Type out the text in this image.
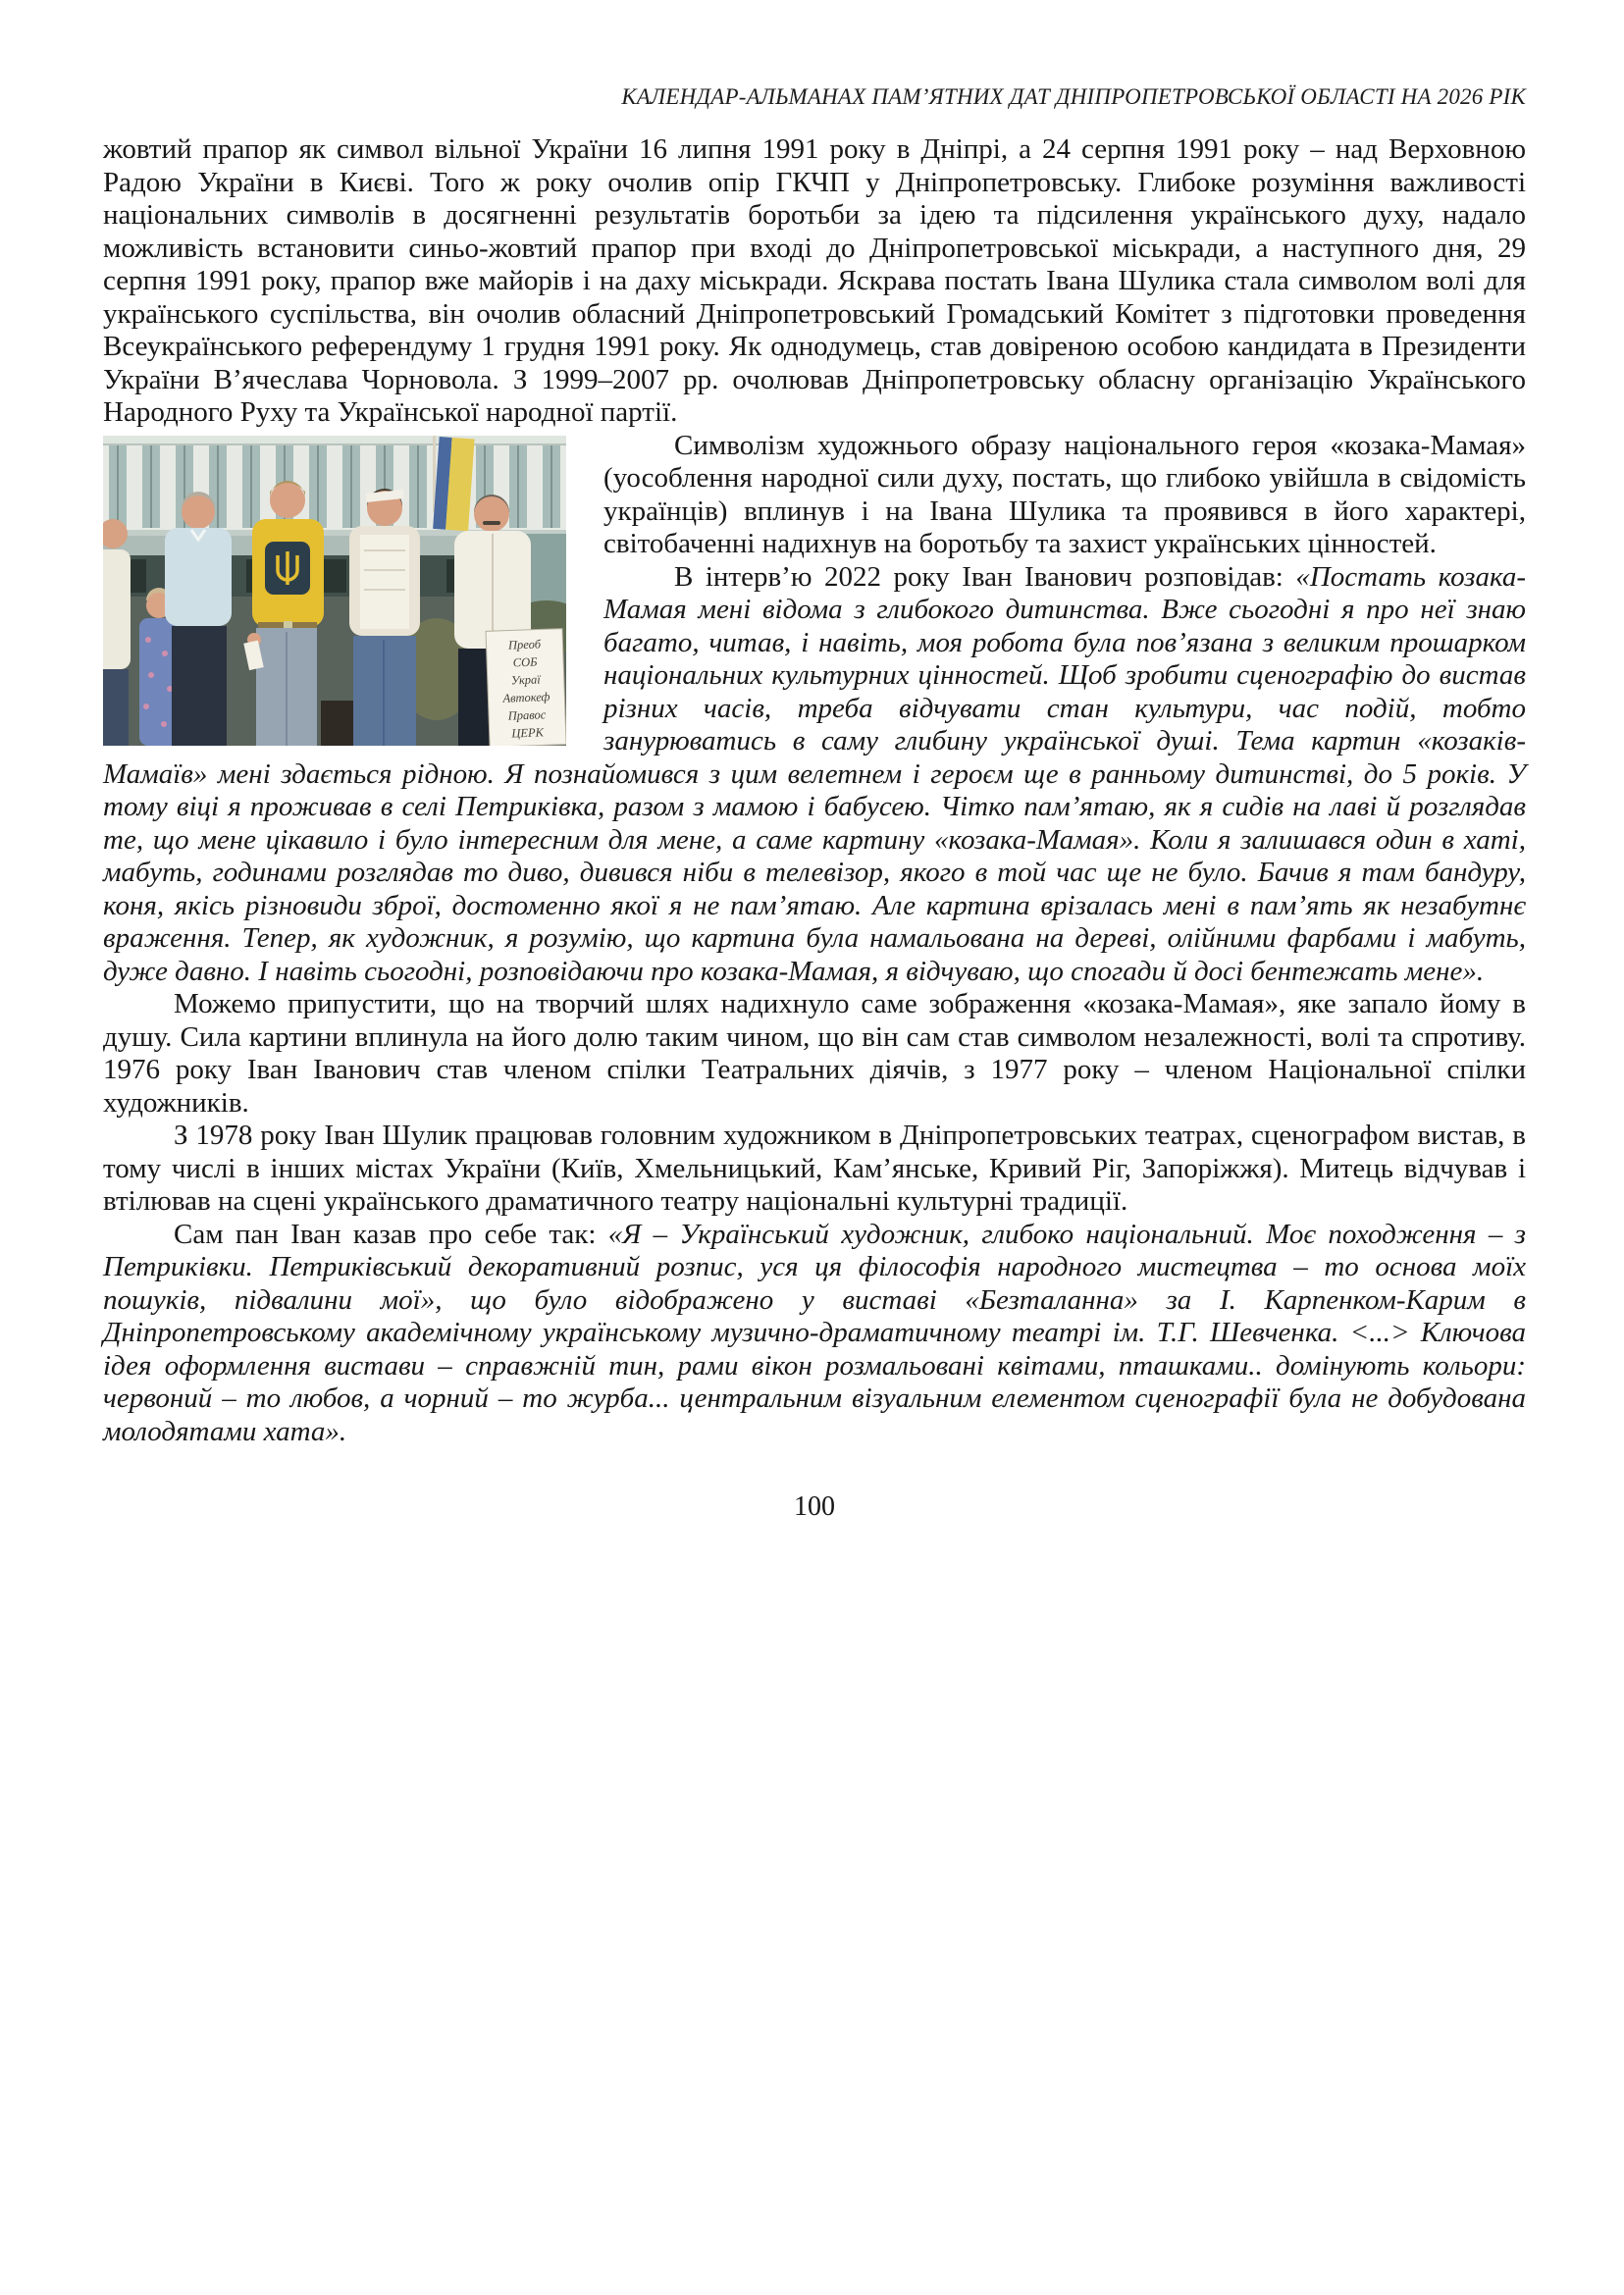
КАЛЕНДАР-АЛЬМАНАХ ПАМ’ЯТНИХ ДАТ ДНІПРОПЕТРОВСЬКОЇ ОБЛАСТІ НА 2026 РІК

жовтий прапор як символ вільної України 16 липня 1991 року в Дніпрі, а 24 серпня 1991 року – над Верховною Радою України в Києві. Того ж року очолив опір ГКЧП у Дніпропетровську. Глибоке розуміння важливості національних символів в досягненні результатів боротьби за ідею та підсилення українського духу, надало можливість встановити синьо-жовтий прапор при вході до Дніпропетровської міськради, а наступного дня, 29 серпня 1991 року, прапор вже майорів і на даху міськради. Яскрава постать Івана Шулика стала символом волі для українського суспільства, він очолив обласний Дніпропетровський Громадський Комітет з підготовки проведення Всеукраїнського референдуму 1 грудня 1991 року. Як однодумець, став довіреною особою кандидата в Президенти України В’ячеслава Чорновола. З 1999–2007 рр. очолював Дніпропетровську обласну організацію Українського Народного Руху та Української народної партії.

Преоб
СОБ
Украї
Автокеф
Правос
ЦЕРК

Символізм художнього образу національного героя «козака-Мамая» (уособлення народної сили духу, постать, що глибоко увійшла в свідомість українців) вплинув і на Івана Шулика та проявився в його характері, світобаченні надихнув на боротьбу та захист українських цінностей.

В інтерв’ю 2022 року Іван Іванович розповідав: «Постать козака-Мамая мені відома з глибокого дитинства. Вже сьогодні я про неї знаю багато, читав, і навіть, моя робота була пов’язана з великим прошарком національних культурних цінностей. Щоб зробити сценографію до вистав різних часів, треба відчувати стан культури, час подій, тобто занурюватись в саму глибину української душі. Тема картин «козаків-Мамаїв» мені здається рідною. Я познайомився з цим велетнем і героєм ще в ранньому дитинстві, до 5 років. У тому віці я проживав в селі Петриківка, разом з мамою і бабусею. Чітко пам’ятаю, як я сидів на лаві й розглядав те, що мене цікавило і було інтересним для мене, а саме картину «козака-Мамая». Коли я залишався один в хаті, мабуть, годинами розглядав то диво, дивився ніби в телевізор, якого в той час ще не було. Бачив я там бандуру, коня, якісь різновиди зброї, достоменно якої я не пам’ятаю. Але картина врізалась мені в пам’ять як незабутнє враження. Тепер, як художник, я розумію, що картина була намальована на дереві, олійними фарбами і мабуть, дуже давно. І навіть сьогодні, розповідаючи про козака-Мамая, я відчуваю, що спогади й досі бентежать мене».

Можемо припустити, що на творчий шлях надихнуло саме зображення «козака-Мамая», яке запало йому в душу. Сила картини вплинула на його долю таким чином, що він сам став символом незалежності, волі та спротиву. 1976 року Іван Іванович став членом спілки Театральних діячів, з 1977 року – членом Національної спілки художників.

З 1978 року Іван Шулик працював головним художником в Дніпропетровських театрах, сценографом вистав, в тому числі в інших містах України (Київ, Хмельницький, Кам’янське, Кривий Ріг, Запоріжжя). Митець відчував і втілював на сцені українського драматичного театру національні культурні традиції.

Сам пан Іван казав про себе так: «Я – Український художник, глибоко національний. Моє походження – з Петриківки. Петриківський декоративний розпис, уся ця філософія народного мистецтва – то основа моїх пошуків, підвалини мої», що було відображено у виставі «Безталанна» за І. Карпенком-Карим в Дніпропетровському академічному українському музично-драматичному театрі ім. Т.Г. Шевченка. <...> Ключова ідея оформлення вистави – справжній тин, рами вікон розмальовані квітами, пташками.. домінують кольори: червоний – то любов, а чорний – то журба... центральним візуальним елементом сценографії була не добудована молодятами хата».

100
